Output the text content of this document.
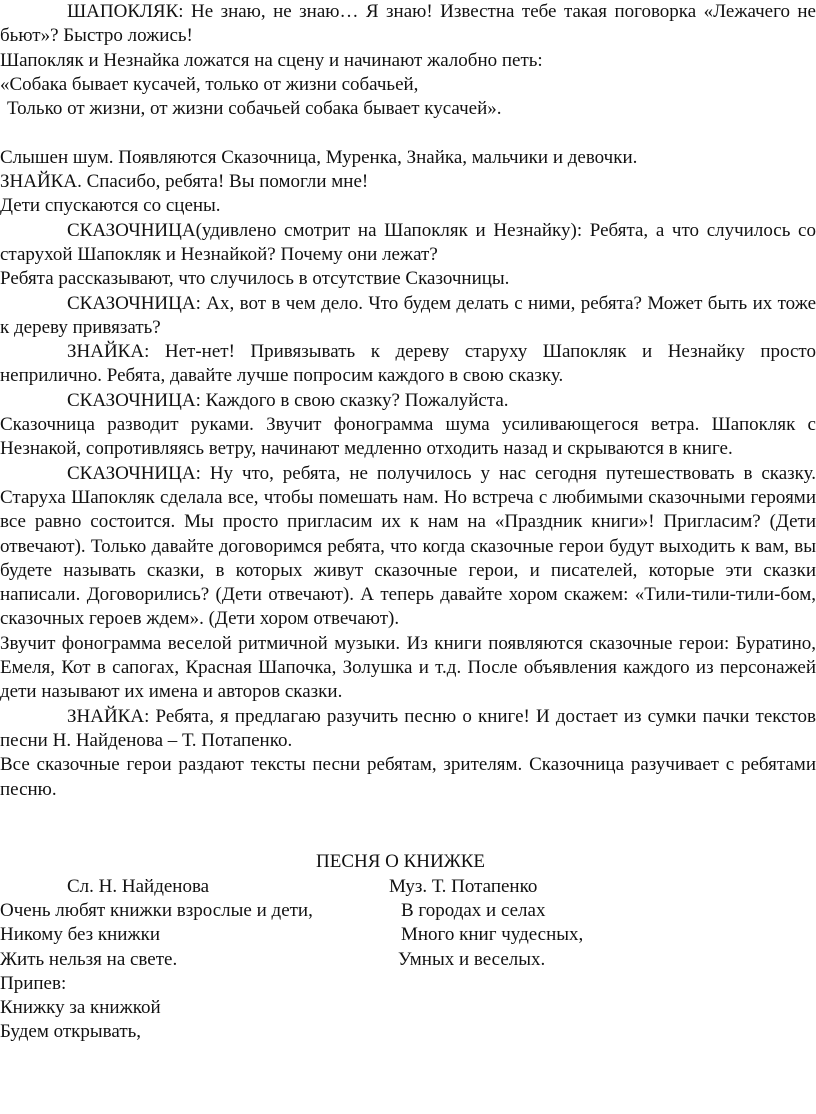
ШАПОКЛЯК: Не знаю, не знаю… Я знаю! Известна тебе такая поговорка «Лежачего не бьют»? Быстро ложись!

Шапокляк и Незнайка ложатся на сцену и начинают жалобно петь:

«Собака бывает кусачей, только от жизни собачьей,

Только от жизни, от жизни собачьей собака бывает кусачей».

Слышен шум. Появляются Сказочница, Муренка, Знайка, мальчики и девочки.

ЗНАЙКА. Спасибо, ребята! Вы помогли мне!

Дети спускаются со сцены.

СКАЗОЧНИЦА(удивлено смотрит на Шапокляк и Незнайку): Ребята, а что случилось со старухой Шапокляк и Незнайкой? Почему они лежат?

Ребята рассказывают, что случилось в отсутствие Сказочницы.

СКАЗОЧНИЦА: Ах, вот в чем дело. Что будем делать с ними, ребята? Может быть их тоже к дереву привязать?

ЗНАЙКА: Нет-нет! Привязывать к дереву старуху Шапокляк и Незнайку просто неприлично. Ребята, давайте лучше попросим каждого в свою сказку.

СКАЗОЧНИЦА: Каждого в свою сказку? Пожалуйста.

Сказочница разводит руками. Звучит фонограмма шума усиливающегося ветра. Шапокляк с Незнакой, сопротивляясь ветру, начинают медленно отходить назад и скрываются в книге.

СКАЗОЧНИЦА: Ну что, ребята, не получилось у нас сегодня путешествовать в сказку. Старуха Шапокляк сделала все, чтобы помешать нам. Но встреча с любимыми сказочными героями все равно состоится. Мы просто пригласим их к нам на «Праздник книги»! Пригласим? (Дети отвечают). Только давайте договоримся ребята, что когда сказочные герои будут выходить к вам, вы будете называть сказки, в которых живут сказочные герои, и писателей, которые эти сказки написали. Договорились? (Дети отвечают). А теперь давайте хором скажем: «Тили-тили-тили-бом, сказочных героев ждем». (Дети хором отвечают).

Звучит фонограмма веселой ритмичной музыки. Из книги появляются сказочные герои: Буратино, Емеля, Кот в сапогах, Красная Шапочка, Золушка и т.д. После объявления каждого из персонажей дети называют их имена и авторов сказки.

ЗНАЙКА: Ребята, я предлагаю разучить песню о книге! И достает из сумки пачки текстов песни Н. Найденова – Т. Потапенко.

Все сказочные герои раздают тексты песни ребятам, зрителям. Сказочница разучивает с ребятами песню.

ПЕСНЯ О КНИЖКЕ

Сл. Н. Найденова	Муз. Т. Потапенко
Очень любят книжки взрослые и дети,	В городах и селах
Никому без книжки	Много книг чудесных,
Жить нельзя на свете.	Умных и веселых.

Припев:

Книжку за книжкой

Будем открывать,
